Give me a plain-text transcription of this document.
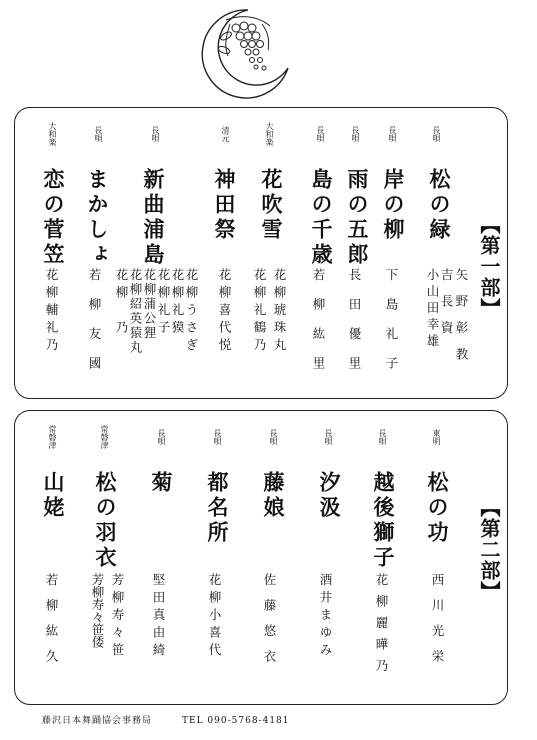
【第一部】
長唄
松の緑
矢野彰教
吉長資
小山田幸雄
長唄
岸の柳
下島礼子
長唄
雨の五郎
長田優里
長唄
島の千歳
若柳紘里
大和楽
花吹雪
花柳琥珠丸
花柳礼鶴乃
清元
神田祭
花柳喜代悦
長唄
新曲浦島
花柳うさぎ
花柳礼獏
花柳礼子
花柳蒲公狸
花柳紹英猿丸
花柳　乃
長唄
まかしょ
若柳友國
大和楽
恋の菅笠
花柳輔礼乃
【第二部】
東明
松の功
西川光栄
長唄
越後獅子
花柳麗曄乃
長唄
汐汲
酒井まゆみ
長唄
藤娘
佐藤悠衣
長唄
都名所
花柳小喜代
長唄
菊
堅田真由綺
常磐津
松の羽衣
芳柳寿々笹
芳柳寿々笹倭
常磐津
山姥
若柳紘久
藤沢日本舞踊協会事務局	TEL 090-5768-4181
